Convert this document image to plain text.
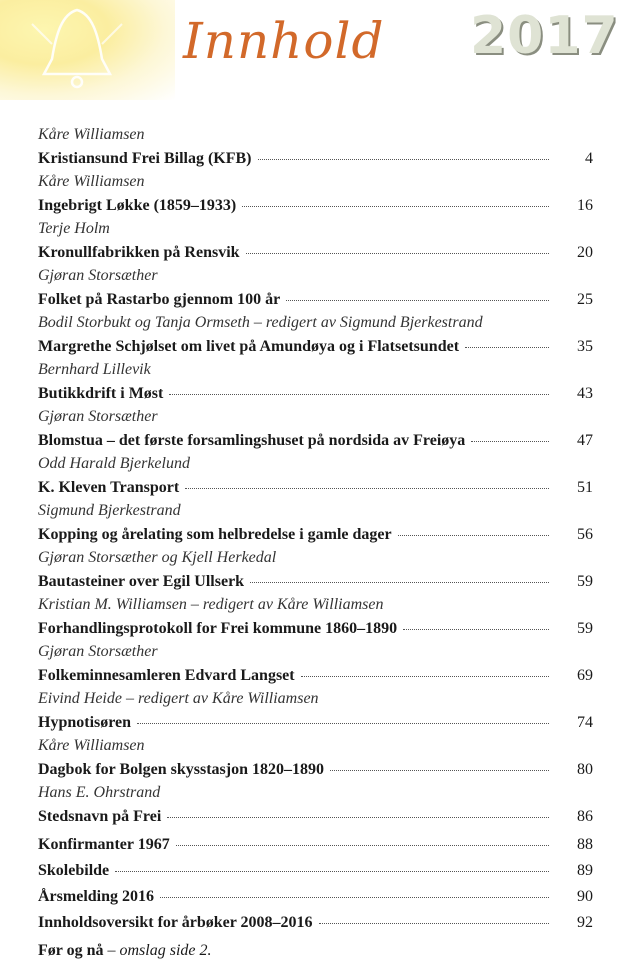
Innhold 2017
Kåre Williamsen
Kristiansund Frei Billag (KFB)	4
Kåre Williamsen
Ingebrigt Løkke (1859–1933)	16
Terje Holm
Kronullfabrikken på Rensvik	20
Gjøran Storsæther
Folket på Rastarbo gjennom 100 år	25
Bodil Storbukt og Tanja Ormseth – redigert av Sigmund Bjerkestrand
Margrethe Schjølset om livet på Amundøya og i Flatsetsundet	35
Bernhard Lillevik
Butikkdrift i Møst	43
Gjøran Storsæther
Blomstua – det første forsamlingshuset på nordsida av Freiøya	47
Odd Harald Bjerkelund
K. Kleven Transport	51
Sigmund Bjerkestrand
Kopping og årelating som helbredelse i gamle dager	56
Gjøran Storsæther og Kjell Herkedal
Bautasteiner over Egil Ullserk	59
Kristian M. Williamsen – redigert av Kåre Williamsen
Forhandlingsprotokoll for Frei kommune 1860–1890	59
Gjøran Storsæther
Folkeminnesamleren Edvard Langset	69
Eivind Heide – redigert av Kåre Williamsen
Hypnotisøren	74
Kåre Williamsen
Dagbok for Bolgen skysstasjon 1820–1890	80
Hans E. Ohrstrand
Stedsnavn på Frei	86
Konfirmanter 1967	88
Skolebilde	89
Årsmelding 2016	90
Innholdsoversikt for årbøker 2008–2016	92
Før og nå – omslag side 2.
